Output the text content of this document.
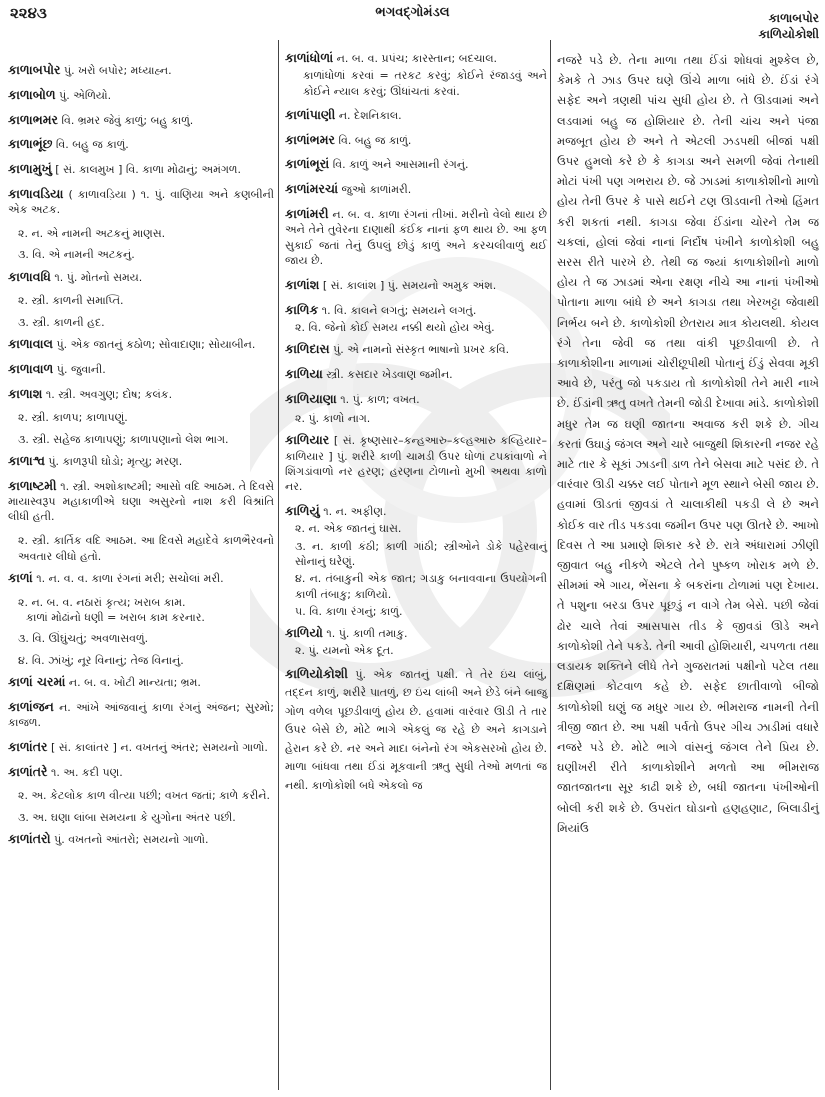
૨૨૪૩	ભગવદ્ગોમંડલ	કાળાબપોર
કાળિયોકોશી
કાળાબપોર પું. ખરો બપોર; મધ્યાહ્ન.
કાળાબોળ પું. એળિયો.
કાળાભમર વિ. ભ્રમર જેવું કાળું; બહુ કાળું.
કાળાભૂંછ વિ. બહુ જ કાળું.
કાળામુખું [ સં. કાલમુખ ] વિ. કાળા મોઢાનું; અમંગળ.
કાળાવડિયા ( કાળાવડ઼િયા ) ૧. પું. વાણિયા અને કણબીની એક અટક.
૨. ન. એ નામની અટકનું માણસ.
૩. વિ. એ નામની અટકનું.
કાળાવધિ ૧. પું. મોતનો સમય.
૨. સ્ત્રી. કાળની સમાપ્તિ.
૩. સ્ત્રી. કાળની હદ.
કાળાવાલ પું. એક જાતનું કઠોળ; સોવાદાણા; સોયાબીન.
કાળાવાળ પું. જુવાની.
કાળાશ ૧. સ્ત્રી. અવગુણ; દોષ; કલંક.
૨. સ્ત્રી. કાળપ; કાળાપણું.
૩. સ્ત્રી. સહેજ કાળાપણું; કાળાપણાનો લેશ ભાગ.
કાળાશ્વ પું. કાળરૂપી ઘોડો; મૃત્યુ; મરણ.
કાળાષ્ટમી ૧. સ્ત્રી. અશોકાષ્ટમી; આસો વદિ આઠમ. તે દિવસે માયાસ્વરૂપ મહાકાળીએ ઘણા અસુરનો નાશ કરી વિશ્રાંતિ લીધી હતી.
૨. સ્ત્રી. કાર્તિક વદિ આઠમ. આ દિવસે મહાદેવે કાળભૈરવનો અવતાર લીધો હતો.
કાળાં ૧. ન. વ. વ. કાળા રંગનાં મરી; સચોલાં મરી.
૨. ન. બ. વ. નઠારાં કૃત્ય; ખરાબ કામ.
કાળાં મોઢાંનો ધણી = ખરાબ કામ કરનાર.
૩. વિ. ઊંઘુંચતું; અવળાસવળું.
૪. વિ. ઝાંખું; નૂર વિનાનું; તેજ વિનાનું.
કાળાં ચરમાં ન. બ. વ. ખોટી માન્યતા; ભ્રમ.
કાળાંજન ન. આંખે આંજવાનું કાળા રંગનું અંજન; સુરમો; કાજળ.
કાળાંતર [ સં. કાલાંતર ] ન. વખતનું અંતર; સમયનો ગાળો.
કાળાંતરે ૧. અ. કદી પણ.
૨. અ. કેટલોક કાળ વીત્યા પછી; વખત જતાં; કાળે કરીને.
૩. અ. ઘણા લાંબા સમયના કે યુગોના અંતર પછી.
કાળાંતરો પું. વખતનો આંતરો; સમયનો ગાળો.
કાળાંધોળાં ન. બ. વ. પ્રપંચ; કારસ્તાન; બદચાલ.
કાળાંધોળાં કરવાં = તરકટ કરવું; કોઈને રંજાડવું અને કોઈને ન્યાલ કરવું; ઊંધાંચતાં કરવાં.
કાળાંપાણી ન. દેશનિકાલ.
કાળાંભમર વિ. બહુ જ કાળું.
કાળાંભૂરાં વિ. કાળું અને આસમાની રંગનું.
કાળાંમરચાં જુઓ કાળાંમરી.
કાળાંમરી ન. બ. વ. કાળા રંગનાં તીખાં. મરીનો વેલો થાય છે અને તેને તુવેરના દાણાથી કંઈક નાનાં ફળ થાય છે. આ ફળ સુકાઈ જતાં તેનું ઉપલું છોડું કાળું અને કરચલીવાળું થઈ જાય છે.
કાળાંશ [ સં. કાલાંશ ] પું. સમયનો અમુક અંશ.
કાળિક ૧. વિ. કાલને લગતું; સમયને લગતું.
૨. વિ. જેનો કોઈ સમય નક્કી થયો હોય એવું.
કાળિદાસ પું. એ નામનો સંસ્કૃત ભાષાનો પ્રખર કવિ.
કાળિયા સ્ત્રી. કસદાર ખેડવાણ જમીન.
કાળિયાણા ૧. પું. કાળ; વખત.
૨. પું. કાળો નાગ.
કાળિયાર [ સં. કૃષ્ણસાર–કન્હઆરુ–કલ્હઆરુ કલ્હિયાર–કાળિયાર ] પું. શરીરે કાળી ચામડી ઉપર ધોળાં ટપકાંવાળો ને શિંગડાંવાળો નર હરણ; હરણના ટોળાનો મુખી અથવા કાળો નર.
કાળિયું ૧. ન. અફીણ.
૨. ન. એક જાતનું ઘાસ.
૩. ન. કાળી કંઠી; કાળી ગાંઠી; સ્ત્રીઓને ડોકે પહેરવાનું સોનાનું ઘરેણું.
૪. ન. તંબાકુની એક જાત; ગડાકુ બનાવવાના ઉપયોગની કાળી તંબાકુ; કાળિયો.
૫. વિ. કાળા રંગનું; કાળું.
કાળિયો ૧. પું. કાળી તમાકુ.
૨. પું. યમનો એક દૂત.
કાળિયોકોશી પું. એક જાતનું પક્ષી. તે તેર ઇંચ લાંબું, તદ્દન કાળું, શરીરે પાતળું, છ ઇંચ લાંબી અને છેડે બંને બાજુ ગોળ વળેલ પૂછડીવાળું હોય છે. હવામાં વારંવાર ઊડી તે તાર ઉપર બેસે છે, મોટે ભાગે એકલું જ રહે છે અને કાગડાને હેરાન કરે છે. નર અને માદા બંનેનો રંગ એકસરખો હોય છે. માળા બાંધવા તથા ઈંડાં મૂકવાની ઋતુ સુધી તેઓ મળતાં જ નથી. કાળોકોશી બધે એકલો જ
નજરે પડે છે. તેના માળા તથા ઈંડાં શોધવાં મુશ્કેલ છે, કેમકે તે ઝાડ ઉપર ઘણે ઊંચે માળા બાંધે છે. ઈંડાં રંગે સફેદ અને ત્રણથી પાંચ સુધી હોય છે. તે ઊડવામાં અને લડવામાં બહુ જ હોશિયાર છે. તેની ચાંચ અને પંજા મજબૂત હોય છે અને તે એટલી ઝડપથી બીજાં પક્ષી ઉપર હુમલો કરે છે કે કાગડા અને સમળી જેવાં તેનાથી મોટાં પંખી પણ ગભરાય છે. જે ઝાડમાં કાળાકોશીનો માળો હોય તેની ઉપર કે પાસે થઈને ટણ ઊડવાની તેઓ હિંમત કરી શકતાં નથી. કાગડા જેવા ઈંડાંના ચોરને તેમ જ ચકલાં, હોલાં જેવાં નાનાં નિર્દોષ પંખીને કાળોકોશી બહુ સરસ રીતે પારખે છે. તેથી જ જ્યાં કાળાકોશીનો માળો હોય તે જ ઝાડમાં એના રક્ષણ નીચે આ નાનાં પંખીઓ પોતાના માળા બાંધે છે અને કાગડા તથા ખેરખટ્ટા જેવાથી નિર્ભય બને છે. કાળોકોશી છેતરાય માત્ર કોયલથી. કોયલ રંગે તેના જેવી જ તથા વાંકી પૂછડીવાળી છે. તે કાળાકોશીના માળામાં ચોરીછૂપીથી પોતાનું ઈંડું સેવવા મૂકી આવે છે, પરંતુ જો પકડાય તો કાળોકોશી તેને મારી નાખે છે. ઈંડાંની ઋતુ વખતે તેમની જોડી દેખાવા માંડે. કાળોકોશી મધુર તેમ જ ઘણી જાતના અવાજ કરી શકે છે. ગીચ કરતાં ઉઘાડું જંગલ અને ચારે બાજુથી શિકારની નજર રહે માટે તાર કે સૂકાં ઝાડની ડાળ તેને બેસવા માટે પસંદ છે. તે વારંવાર ઊડી ચક્કર લઈ પોતાને મૂળ સ્થાને બેસી જાય છે. હવામાં ઊડતાં જીવડાં તે ચાલાકીથી પકડી લે છે અને કોઈક વાર તીડ પકડવા જમીન ઉપર પણ ઊતરે છે. આખો દિવસ તે આ પ્રમાણે શિકાર કરે છે. રાત્રે અંધારામાં ઝીણી જીવાત બહુ નીકળે એટલે તેને પુષ્કળ ખોરાક મળે છે. સીમમાં એ ગાય, ભેંસના કે બકરાંના ટોળામાં પણ દેખાય. તે પશુના બરડા ઉપર પૂછડું ન વાગે તેમ બેસે. પછી જેવાં ઢોર ચાલે તેવાં આસપાસ તીડ કે જીવડાં ઊડે અને કાળોકોશી તેને પકડે. તેની આવી હોશિયારી, ચપળતા તથા લડાયક શક્તિને લીધે તેને ગુજરાતમાં પક્ષીનો પટેલ તથા દક્ષિણમાં કોટવાળ કહે છે. સફેદ છાતીવાળો બીજો કાળોકોશી ઘણું જ મધુર ગાય છે. ભીમરાજ નામની તેની ત્રીજી જાત છે. આ પક્ષી પર્વતો ઉપર ગીચ ઝાડીમાં વધારે નજરે પડે છે. મોટે ભાગે વાંસનું જંગલ તેને પ્રિય છે. ઘણીખરી રીતે કાળાકોશીને મળતો આ ભીમરાજ જાતજાતના સૂર કાઢી શકે છે, બધી જાતના પંખીઓની બોલી કરી શકે છે. ઉપરાંત ઘોડાનો હણહણાટ, બિલાડીનું મિયાંઉ
